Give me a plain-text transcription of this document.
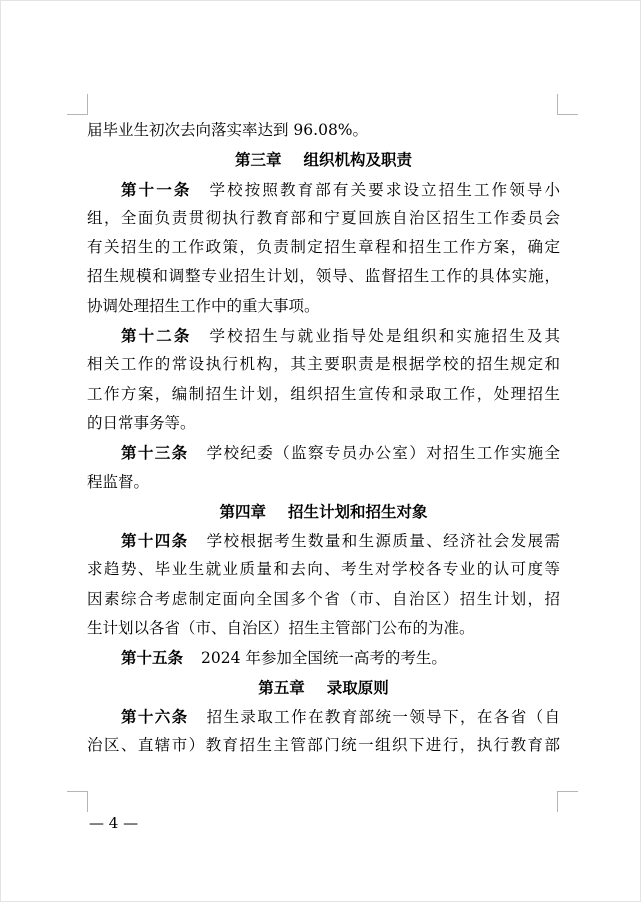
届毕业生初次去向落实率达到 96.08%。
第三章 组织机构及职责
第十一条 学校按照教育部有关要求设立招生工作领导小
组，全面负责贯彻执行教育部和宁夏回族自治区招生工作委员会
有关招生的工作政策，负责制定招生章程和招生工作方案，确定
招生规模和调整专业招生计划，领导、监督招生工作的具体实施，
协调处理招生工作中的重大事项。
第十二条 学校招生与就业指导处是组织和实施招生及其
相关工作的常设执行机构，其主要职责是根据学校的招生规定和
工作方案，编制招生计划，组织招生宣传和录取工作，处理招生
的日常事务等。
第十三条 学校纪委（监察专员办公室）对招生工作实施全
程监督。
第四章 招生计划和招生对象
第十四条 学校根据考生数量和生源质量、经济社会发展需
求趋势、毕业生就业质量和去向、考生对学校各专业的认可度等
因素综合考虑制定面向全国多个省（市、自治区）招生计划，招
生计划以各省（市、自治区）招生主管部门公布的为准。
第十五条 2024 年参加全国统一高考的考生。
第五章 录取原则
第十六条 招生录取工作在教育部统一领导下，在各省（自
治区、直辖市）教育招生主管部门统一组织下进行，执行教育部
— 4 —
